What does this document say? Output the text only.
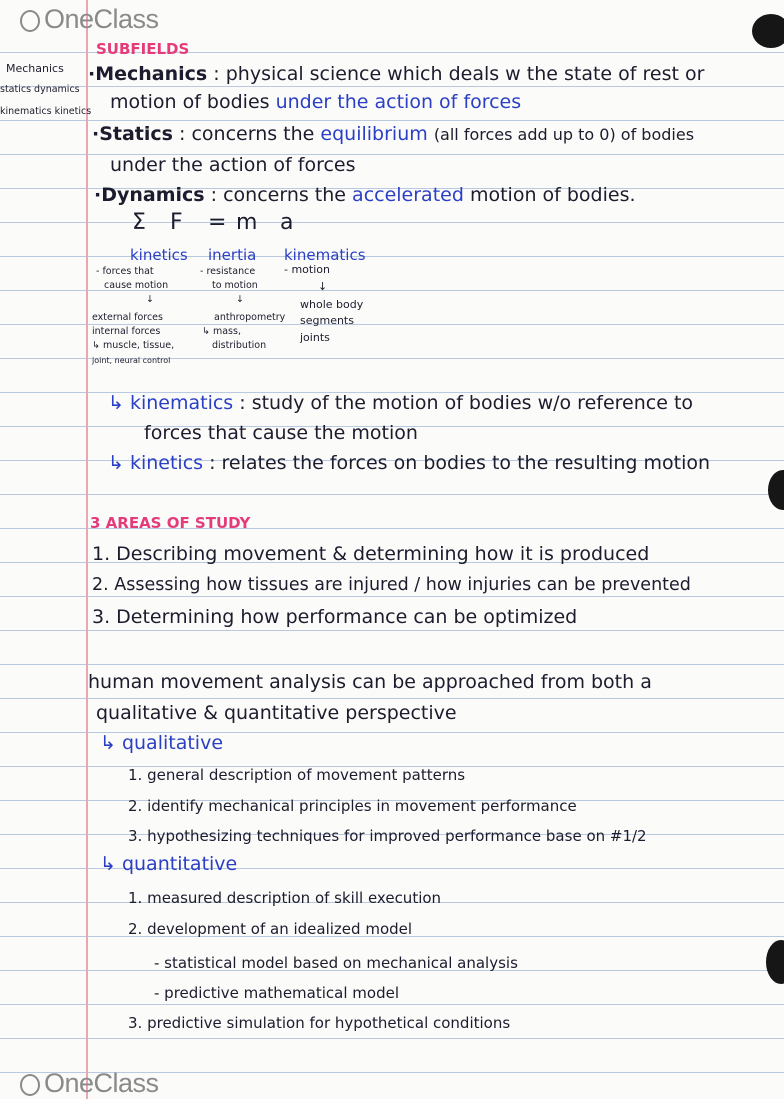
OneClass
OneClass
Mechanics
statics dynamics
kinematics kinetics
SUBFIELDS
·Mechanics : physical science which deals w the state of rest or
motion of bodies under the action of forces
·Statics : concerns the equilibrium (all forces add up to 0) of bodies
under the action of forces
·Dynamics : concerns the accelerated motion of bodies.
Σ F = m a
kinetics inertia kinematics
- forces that
cause motion
↓
external forces
internal forces
↳ muscle, tissue,
joint, neural control
- resistance
to motion
↓
anthropometry
↳ mass,
distribution
- motion
↓
whole body
segments
joints
↳ kinematics : study of the motion of bodies w/o reference to
forces that cause the motion
↳ kinetics : relates the forces on bodies to the resulting motion
3 AREAS OF STUDY
1. Describing movement & determining how it is produced
2. Assessing how tissues are injured / how injuries can be prevented
3. Determining how performance can be optimized
human movement analysis can be approached from both a
qualitative & quantitative perspective
↳ qualitative
1. general description of movement patterns
2. identify mechanical principles in movement performance
3. hypothesizing techniques for improved performance base on #1/2
↳ quantitative
1. measured description of skill execution
2. development of an idealized model
- statistical model based on mechanical analysis
- predictive mathematical model
3. predictive simulation for hypothetical conditions
